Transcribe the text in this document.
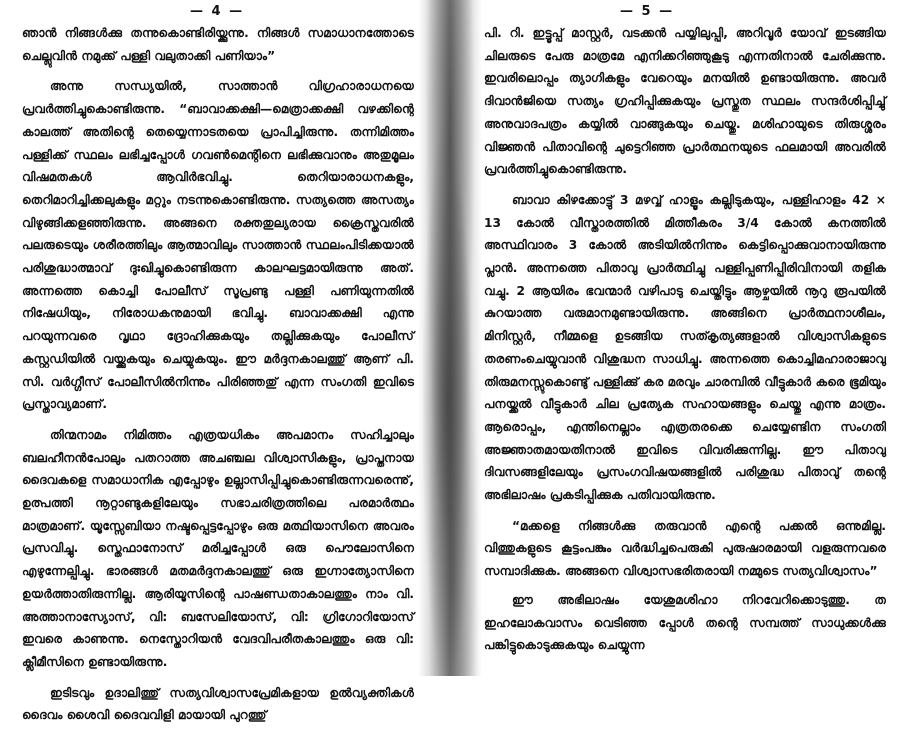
— 4 —

ഞാൻ നിങ്ങൾക്കു തന്നുകൊണ്ടിരിയ്ക്കുന്നു. നിങ്ങൾ സമാധാനത്തോടെ ചെല്ലുവിൻ നമുക്ക് പള്ളി വലുതാക്കി പണിയാം”

അന്നു സന്ധ്യയിൽ, സാത്താൻ വിഗ്രഹാരാധനയെ പ്രവർത്തിച്ചുകൊണ്ടിരുന്നു. “ബാവാക്കക്ഷി—മെത്രാക്കക്ഷി വഴക്കിന്റെ കാലത്ത് അതിന്റെ തെയ്യെന്നാടതയെ പ്രാപിച്ചിരുന്നു. തന്നിമിത്തം പള്ളിക്ക് സ്ഥലം ലഭിച്ചപ്പോൾ ഗവൺമെന്റിനെ ലഭിക്കുവാനും അതുമൂലം വിഷമതകൾ ആവിർഭവിച്ചു. തെറിയാരാധനകളും, തെറിമാറിച്ചിക്കലുകളും മറ്റും നടന്നുകൊണ്ടിരുന്നു. സത്യത്തെ അസത്യം വിഴുങ്ങിക്കളഞ്ഞിരുന്നു. അങ്ങനെ രക്തതുല്യരായ ക്രൈസ്തവരിൽ പലരുടെയും ശരീരത്തിലും ആത്മാവിലും സാത്താൻ സ്ഥലംപിടിക്കയാൽ പരിശുദ്ധാത്മാവ് ദുഃഖിച്ചുകൊണ്ടിരുന്ന കാലഘട്ടമായിരുന്നു അത്. അന്നത്തെ കൊച്ചി പോലീസ് സൂപ്രണ്ടു പള്ളി പണിയുന്നതിൽ നിഷേധിയും, നിരോധകനുമായി ഭവിച്ചു. ബാവാക്കക്ഷി എന്നു പറയുന്നവരെ വൃഥാ ദ്രോഹിക്കുകയും തല്ലിക്കുകയും പോലീസ് കസ്റ്റഡിയിൽ വയ്ക്കുകയും ചെയ്യുകയും. ഈ മർദ്ദനകാലത്തു് ആണ് പി. സി. വർഗ്ഗീസ് പോലീസിൽനിന്നും പിരിഞ്ഞതു് എന്ന സംഗതി ഇവിടെ പ്രസ്താവ്യമാണ്.

തിന്മനാമം നിമിത്തം എത്രയധികം അപമാനം സഹിച്ചാലും ബലഹീനൻപോലും പതറാത്ത അചഞ്ചല വിശ്വാസികളും, പ്രാപ്തനായ ദൈവകളെ സമാധാനിക എപ്പോഴും ഉല്ലാസിപ്പിച്ചുകൊണ്ടിരുന്നവരെന്നു്, ഉത്പത്തി നൂറ്റാണ്ടുകളിലേയും സഭാചരിത്രത്തിലെ പരമാർത്ഥം മാത്രമാണ്. യൂസ്സേബിയാ നഷ്ടപ്പെട്ടപ്പോഴും ഒരു മത്ഥിയാസിനെ അവരം പ്രസവിച്ചു. സ്തെഫാനോസ് മരിച്ചപ്പോൾ ഒരു പൌലോസിനെ എഴുന്നേല്പിച്ചു. ഭാരങ്ങൾ മതമർദ്ദനകാലത്തു് ഒരു ഇഗ്നാത്യോസിനെ ഉയർത്താതിരുന്നില്ല. ആരിയൂസിന്റെ പാഷണ്ഡതാകാലത്തും നാം വി. അത്താനാസ്യോസ്, വി: ബസേലിയോസ്, വി: ഗ്രിഗോറിയോസ് ഇവരെ കാണുന്നു. നെസ്തോറിയൻ വേദവിപരീതകാലത്തും ഒരു വി: ക്ലീമീസിനെ ഉണ്ടായിരുന്നു.

ഇടിടവും ഉദാലിത്തു് സത്യവിശ്വാസപ്രേമികളായ ഉൽവ്യക്തികൾ ദൈവം ശൈവി ദൈവവിളി മായായി പുറത്തു്

— 5 —

പി. റി. ഇട്ടൂപ്പ് മാസ്റ്റർ, വടക്കൻ പയ്യിലുപ്പി, അറിവൂർ യോവ് ഇടങ്ങിയ ചിലരുടെ പേരു മാത്രമേ എനിക്കറിഞ്ഞുകൂടു എന്നതിനാൽ ചേരിക്കുന്നു. ഇവരിലൊപ്പം ത്യാഗികളും വേറെയും മനയിൽ ഉണ്ടായിരുന്നു. അവർ ദിവാൻജിയെ സത്യം ഗ്രഹിപ്പിക്കുകയും പ്രസ്തുത സ്ഥലം സന്ദർശിപ്പിച്ചു് അനുവാദപത്രം കയ്യിൽ വാങ്ങുകയും ചെയ്തു. മശിഹായുടെ തിരുശ്ശരം വിജ്ഞൻ പിതാവിന്റെ ചുട്ടെറിഞ്ഞ പ്രാർത്ഥനയുടെ ഫലമായി അവരിൽ പ്രവർത്തിച്ചുകൊണ്ടിരുന്നു.

ബാവാ കിഴക്കോട്ടു് 3 മഴവ്വ് ഹാളൂം കല്ലിടുകയും, പള്ളിഹാളം 42 × 13 കോൽ വീസ്താരത്തിൽ മിത്തീകരം 3/4 കോൽ കനത്തിൽ അസ്ഥിവാരം 3 കോൽ അടിയിൽനിന്നും കെട്ടിപ്പൊക്കുവാനായിരുന്നു പ്ലാൻ. അന്നത്തെ പിതാവു പ്രാർത്ഥിച്ചു പള്ളിപ്പണിപ്പിരിവിനായി തളിക വച്ചു. 2 ആയിരം ഭവന്മാർ വഴിപാടു ചെയ്തിട്ടും ആഴ്ചയിൽ നൂറു രൂപയിൽ കുറയാത്ത വരുമാനമുണ്ടായിരുന്നു. അങ്ങിനെ പ്രാർത്ഥനാശീലം, മിനിസ്റ്റർ, നീമ്മളെ ഉടങ്ങിയ സത്കൃത്യങ്ങളാൽ വിശ്വാസികളുടെ തരണംചെയ്യുവാൻ വിശുദ്ധന സാധിച്ചു. അന്നത്തെ കൊച്ചിമഹാരാജാവു തിരുമനസ്സുകൊണ്ടു് പള്ളിക്കു് കര മരവും ചാരമ്പിൽ വീട്ടുകാർ കരെ ഭൂമിയും പനയ്ക്കൽ വീട്ടുകാർ ചില പ്രത്യേക സഹായങ്ങളും ചെയ്തു എന്നു മാത്രം. ആരൊപ്പം, എന്തിനെല്ലാം എത്രതരക്കെ ചെയ്യേണ്ടിന സംഗതി അജ്ഞാതമായതിനാൽ ഇവിടെ വിവരിക്കുന്നില്ല. ഈ പിതാവു ദിവസങ്ങളിലേയും പ്രസംഗവിഷയങ്ങളിൽ പരിശുദ്ധ പിതാവു് തന്റെ അഭിലാഷം പ്രകടിപ്പിക്കുക പതിവായിരുന്നു.

“മക്കളെ നിങ്ങൾക്കു തരുവാൻ എന്റെ പക്കൽ ഒന്നുമില്ല. വിത്തുകളുടെ കൂട്ടംപങ്കും വർദ്ധിച്ചപെരുകി പുരുഷാരമായി വളരുന്നവരെ സമ്പാദിക്കുക. അങ്ങനെ വിശ്വാസഭരിതരായി നമ്മുടെ സത്യവിശ്വാസം”

ഈ അഭിലാഷം യേശുമശിഹാ നിറവേറിക്കൊടുത്തു. ത ഇഹലോകവാസം വെടിഞ്ഞ പ്പോൾ തന്റെ സമ്പത്ത് സാധുക്കൾക്കു പങ്കിട്ടുകൊടുക്കുകയും ചെയ്യുന്ന
